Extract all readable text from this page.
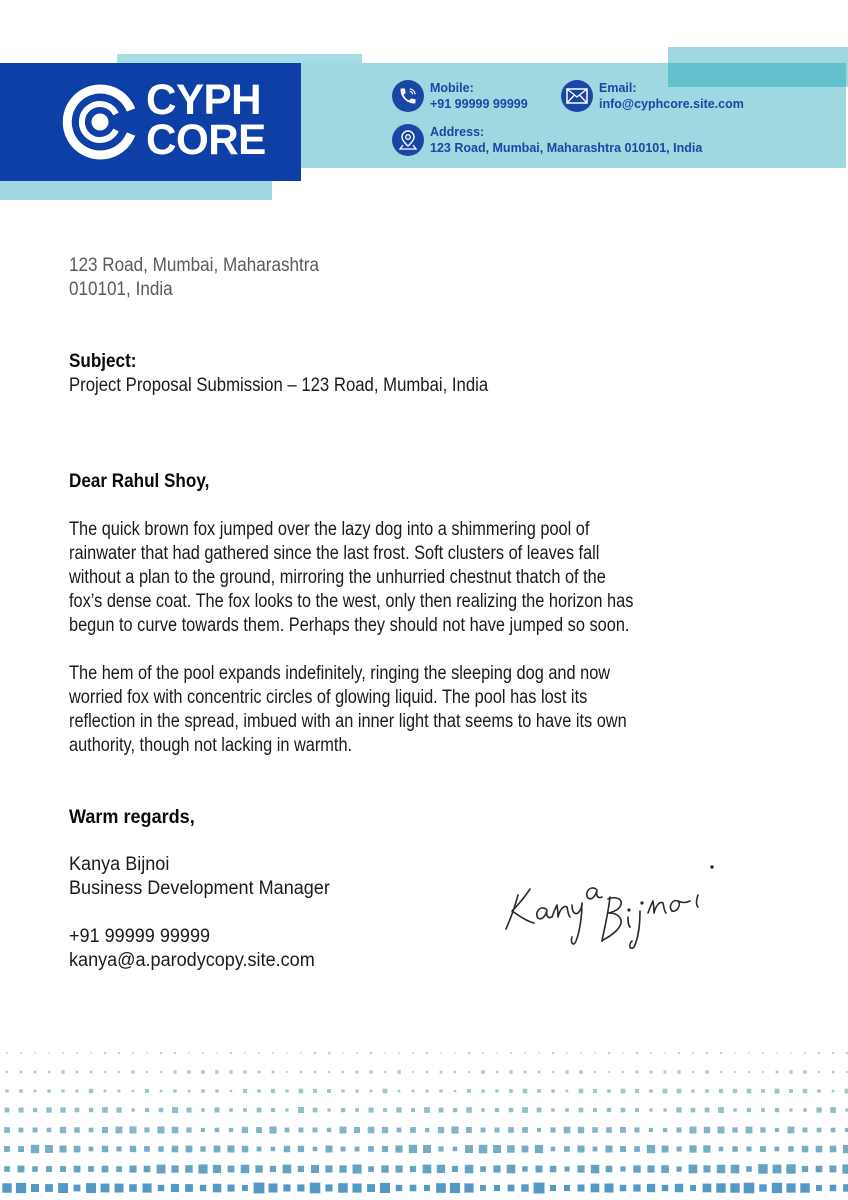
CYPH
CORE
Mobile:
+91 99999 99999
Email:
info@cyphcore.site.com
Address:
123 Road, Mumbai, Maharashtra 010101, India
123 Road, Mumbai, Maharashtra
010101, India
Subject:
Project Proposal Submission – 123 Road, Mumbai, India
Dear Rahul Shoy,
The quick brown fox jumped over the lazy dog into a shimmering pool of
rainwater that had gathered since the last frost. Soft clusters of leaves fall
without a plan to the ground, mirroring the unhurried chestnut thatch of the
fox’s dense coat. The fox looks to the west, only then realizing the horizon has
begun to curve towards them. Perhaps they should not have jumped so soon.
The hem of the pool expands indefinitely, ringing the sleeping dog and now
worried fox with concentric circles of glowing liquid. The pool has lost its
reflection in the spread, imbued with an inner light that seems to have its own
authority, though not lacking in warmth.
Warm regards,
Kanya Bijnoi
Business Development Manager
+91 99999 99999
kanya@a.parodycopy.site.com
